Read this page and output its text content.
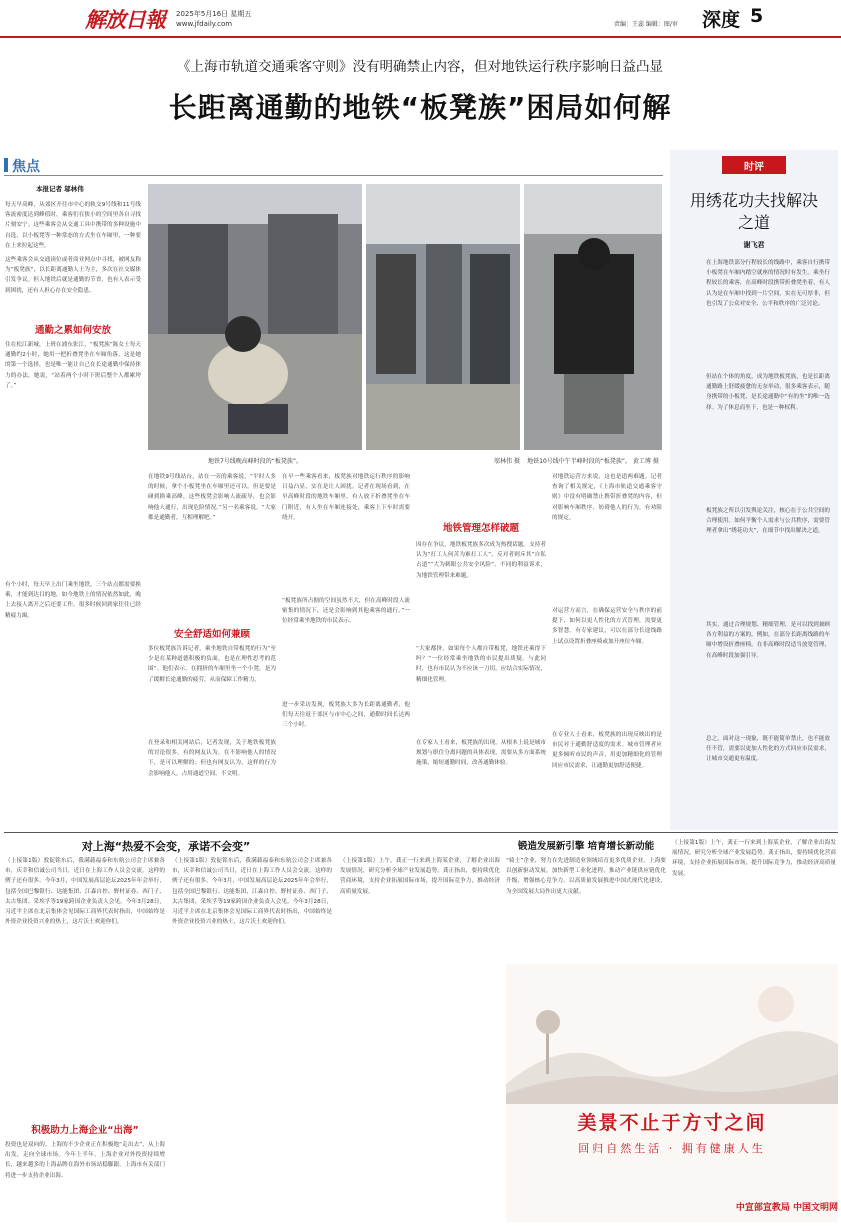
解放日報 2025年5月16日 星期五
www.jfdaily.com	责编：王蕊 编辑：图/审 深度 5
《上海市轨道交通乘客守则》没有明确禁止内容，但对地铁运行秩序影响日益凸显
长距离通勤的地铁“板凳族”困局如何解
焦点
本报记者 邬林伟
每天早高峰，从郊区开往市中心的轨交9号线和11号线客流密度达到峰值时，乘客们在狭小的空间里各自寻找片刻安宁。这些乘客会从交通工具中携带的多种设施中自选，以小板凳等一种常态的方式坐在车厢里，一种要在上来拉起这些。
这些乘客会从交通岗位或者商业网点中寻找，被网友称为“板凳族”，以长距离通勤人士为主，多次在社交媒体引发争议。但入地铁后就是通勤的节省，也有人表示受到困扰，还有人担心存在安全隐患。
通勤之累如何安放
住在松江新城，上班在浦东张江，“板凳族”陈女士每天通勤约2小时，她用一把折叠凳坐在车厢角落，这是她的第一个选择，也是唯一能让自己在长途通勤中保持体力的办法。她说，“站着两个小时下班后整个人都累垮了。”
有个小时，每天早上出门乘坐地铁，三个站点都需要换乘，才能到达目的地，如今地铁上的情况依然如此，晚上去接人离开之后还要工作，很多时候回到家往往已经精疲力竭。
地铁7号线晚高峰时段的“板凳族”。	邬林伟 摄	地铁10号线中午半峰时段的“板凳族”。 黄工博 摄
在地铁9号线站台，站在一旁的乘客说，“平时人多的时候，拿个小板凳坐在车厢里还可以，但是要是碰到换乘高峰，这些板凳会影响人流疏导，也会影响他人通行，出现危险情况。”另一名乘客说，“大家都是通勤者，互相理解吧。”
安全舒适如何兼顾
多位板凳族告诉记者，乘坐地铁自带板凳的行为“至少是在某种道德积极的负面，也是在理性思考的范围”。他们表示，在拥挤的车厢里坐一个小凳，是为了缓解长途通勤的疲劳，从而保障工作精力。
在登录和相关网站后，记者发现，关于地铁板凳族的讨论很多。有的网友认为，在不影响他人的情况下，是可以理解的；但也有网友认为，这样的行为会影响他人，占用通道空间，不文明。
在早一些乘客看来，板凳族对地铁运行秩序的影响日益凸显，实在是让人困扰。记者在现场看到，在早高峰时段的地铁车厢里，有人放下折叠凳坐在车门附近，有人坐在车厢连接处，乘客上下车时需要绕开。
“板凳族所占据的空间虽然不大，但在高峰时段人流密集的情况下，还是会影响到其他乘客的通行。”一位经常乘坐地铁的市民表示。
进一步采访发现，板凳族大多为长距离通勤者，他们每天往返于郊区与市中心之间，通勤时间长达两三个小时。
地铁管理怎样破题
因存在争议，地铁板凳族多次成为热搜话题。支持者认为“打工人何苦为难打工人”，反对者则斥其“自私占道”“大为刺眼公共安全风险”。不同的利益诉求，为地铁管理带来难题。
“大家都挤，如果每个人都自带板凳，地铁还乘得下吗？”一位经常乘坐地铁的市民提出质疑。与此同时，也有市民认为不应该一刀切，应结合实际情况，精细化管理。
在专家人士看来，板凳族的出现，从根本上说是城市规划与职住分离问题的具体表现，需要从多方面系统施策，缩短通勤时间，改善通勤体验。
对地铁运营方来说，这也是道两难题。记者查询了相关规定，《上海市轨道交通乘客守则》中没有明确禁止携带折叠凳的内容，但对影响车厢秩序、妨碍他人的行为，有劝阻的规定。
对运营方而言，在确保运营安全与秩序的前提下，如何以更人性化的方式管理，需要更多智慧。有专家建议，可以在部分长途线路上试点设置折叠座椅或加开座位车厢。
在专业人士看来，板凳族的出现反映出的是市民对于通勤舒适度的需求。城市管理者应更多倾听市民的声音，用更加精细化的管理回应市民需求，让通勤更加舒适便捷。
时评
用绣花功夫找解决之道
谢飞君
在上海地铁部分行程较长的线路中，乘客自行携带小板凳在车厢内踏空就座的情况时有发生。乘坐行程较长的乘客，在高峰时段携带折叠凳坐着，有人认为是在车厢中找到一片空间，实在无可厚非，但也引发了公众对安全、公平和秩序的广泛讨论。
但站在个体的角度，成为地铁板凳族，也是长距离通勤路上舒缓疲惫的无奈举动，很多乘客表示，随身携带的小板凳，是长途通勤中“有的坐”的唯一选择。为了休息而坐下，也是一种权利。
板凳族之所以引发舆论关注，核心在于公共空间的合理使用。如何平衡个人需求与公共秩序，需要管理者拿出“绣花功夫”，在细节中找出解决之道。
其实，通过合理规划、精细管理，是可以找到兼顾各方利益的方案的。例如，在部分长距离线路的车厢中增设折叠座椅，在非高峰时段适当放宽管理，在高峰时段加强引导。
总之，面对这一现象，既不能简单禁止，也不能放任不管，需要以更加人性化的方式回应市民需求，让城市交通更有温度。
对上海“热爱不会变，承诺不会变”
（上接第1版）敦促铭东后，我满载福泰和东航公司会主席兼各市，庆幸和信诚公司当日，近日在上海工作人员会交流。这样的例子还有很多。今年3月，中国发展高层论坛2025年年会举行，包括全国巴黎银行、达能集团、江森自控、野村证券、西门子、太古集团、采埃孚等19家跨国企业负责人会见，今年3月28日，习近平主席在北京集体会见国际工商界代表时指出，中国始终是外资企业投资兴业的热土，这片沃土欢迎你们。
积极助力上海企业“出海”
投资也是双向的。上海的不少企业正在积极地“走出去”，从上海出发，走向全球市场。今年上半年，上海企业对外投资持续增长，越来越多的上海品牌在海外市场站稳脚跟。上海市有关部门将进一步支持企业出海。
（上接第1版）敦促铭东后，我满载福泰和东航公司会主席兼各市，庆幸和信诚公司当日，近日在上海工作人员会交流。这样的例子还有很多。今年3月，中国发展高层论坛2025年年会举行，包括全国巴黎银行、达能集团、江森自控、野村证券、西门子、太古集团、采埃孚等19家跨国企业负责人会见，今年3月28日，习近平主席在北京集体会见国际工商界代表时指出，中国始终是外资企业投资兴业的热土，这片沃土欢迎你们。
（上接第1版）上午，龚正一行来到上海某企业，了解企业出海发展情况，研究分析全球产业发展趋势。龚正指出，要持续优化营商环境，支持企业拓展国际市场，提升国际竞争力，推动经济高质量发展。
锻造发展新引擎 培育增长新动能
“骑士”企业，努力在先进制造业领域培育更多优质企业。上海要以创新驱动发展，加快新型工业化进程，推动产业链供应链优化升级，增强核心竞争力，以高质量发展推进中国式现代化建设，为全国发展大局作出更大贡献。
（上接第1版）上午，龚正一行来到上海某企业，了解企业出海发展情况，研究分析全球产业发展趋势。龚正指出，要持续优化营商环境，支持企业拓展国际市场，提升国际竞争力，推动经济高质量发展。
美景不止于方寸之间
回归自然生活 · 拥有健康人生
中宣部宣教局 中国文明网
